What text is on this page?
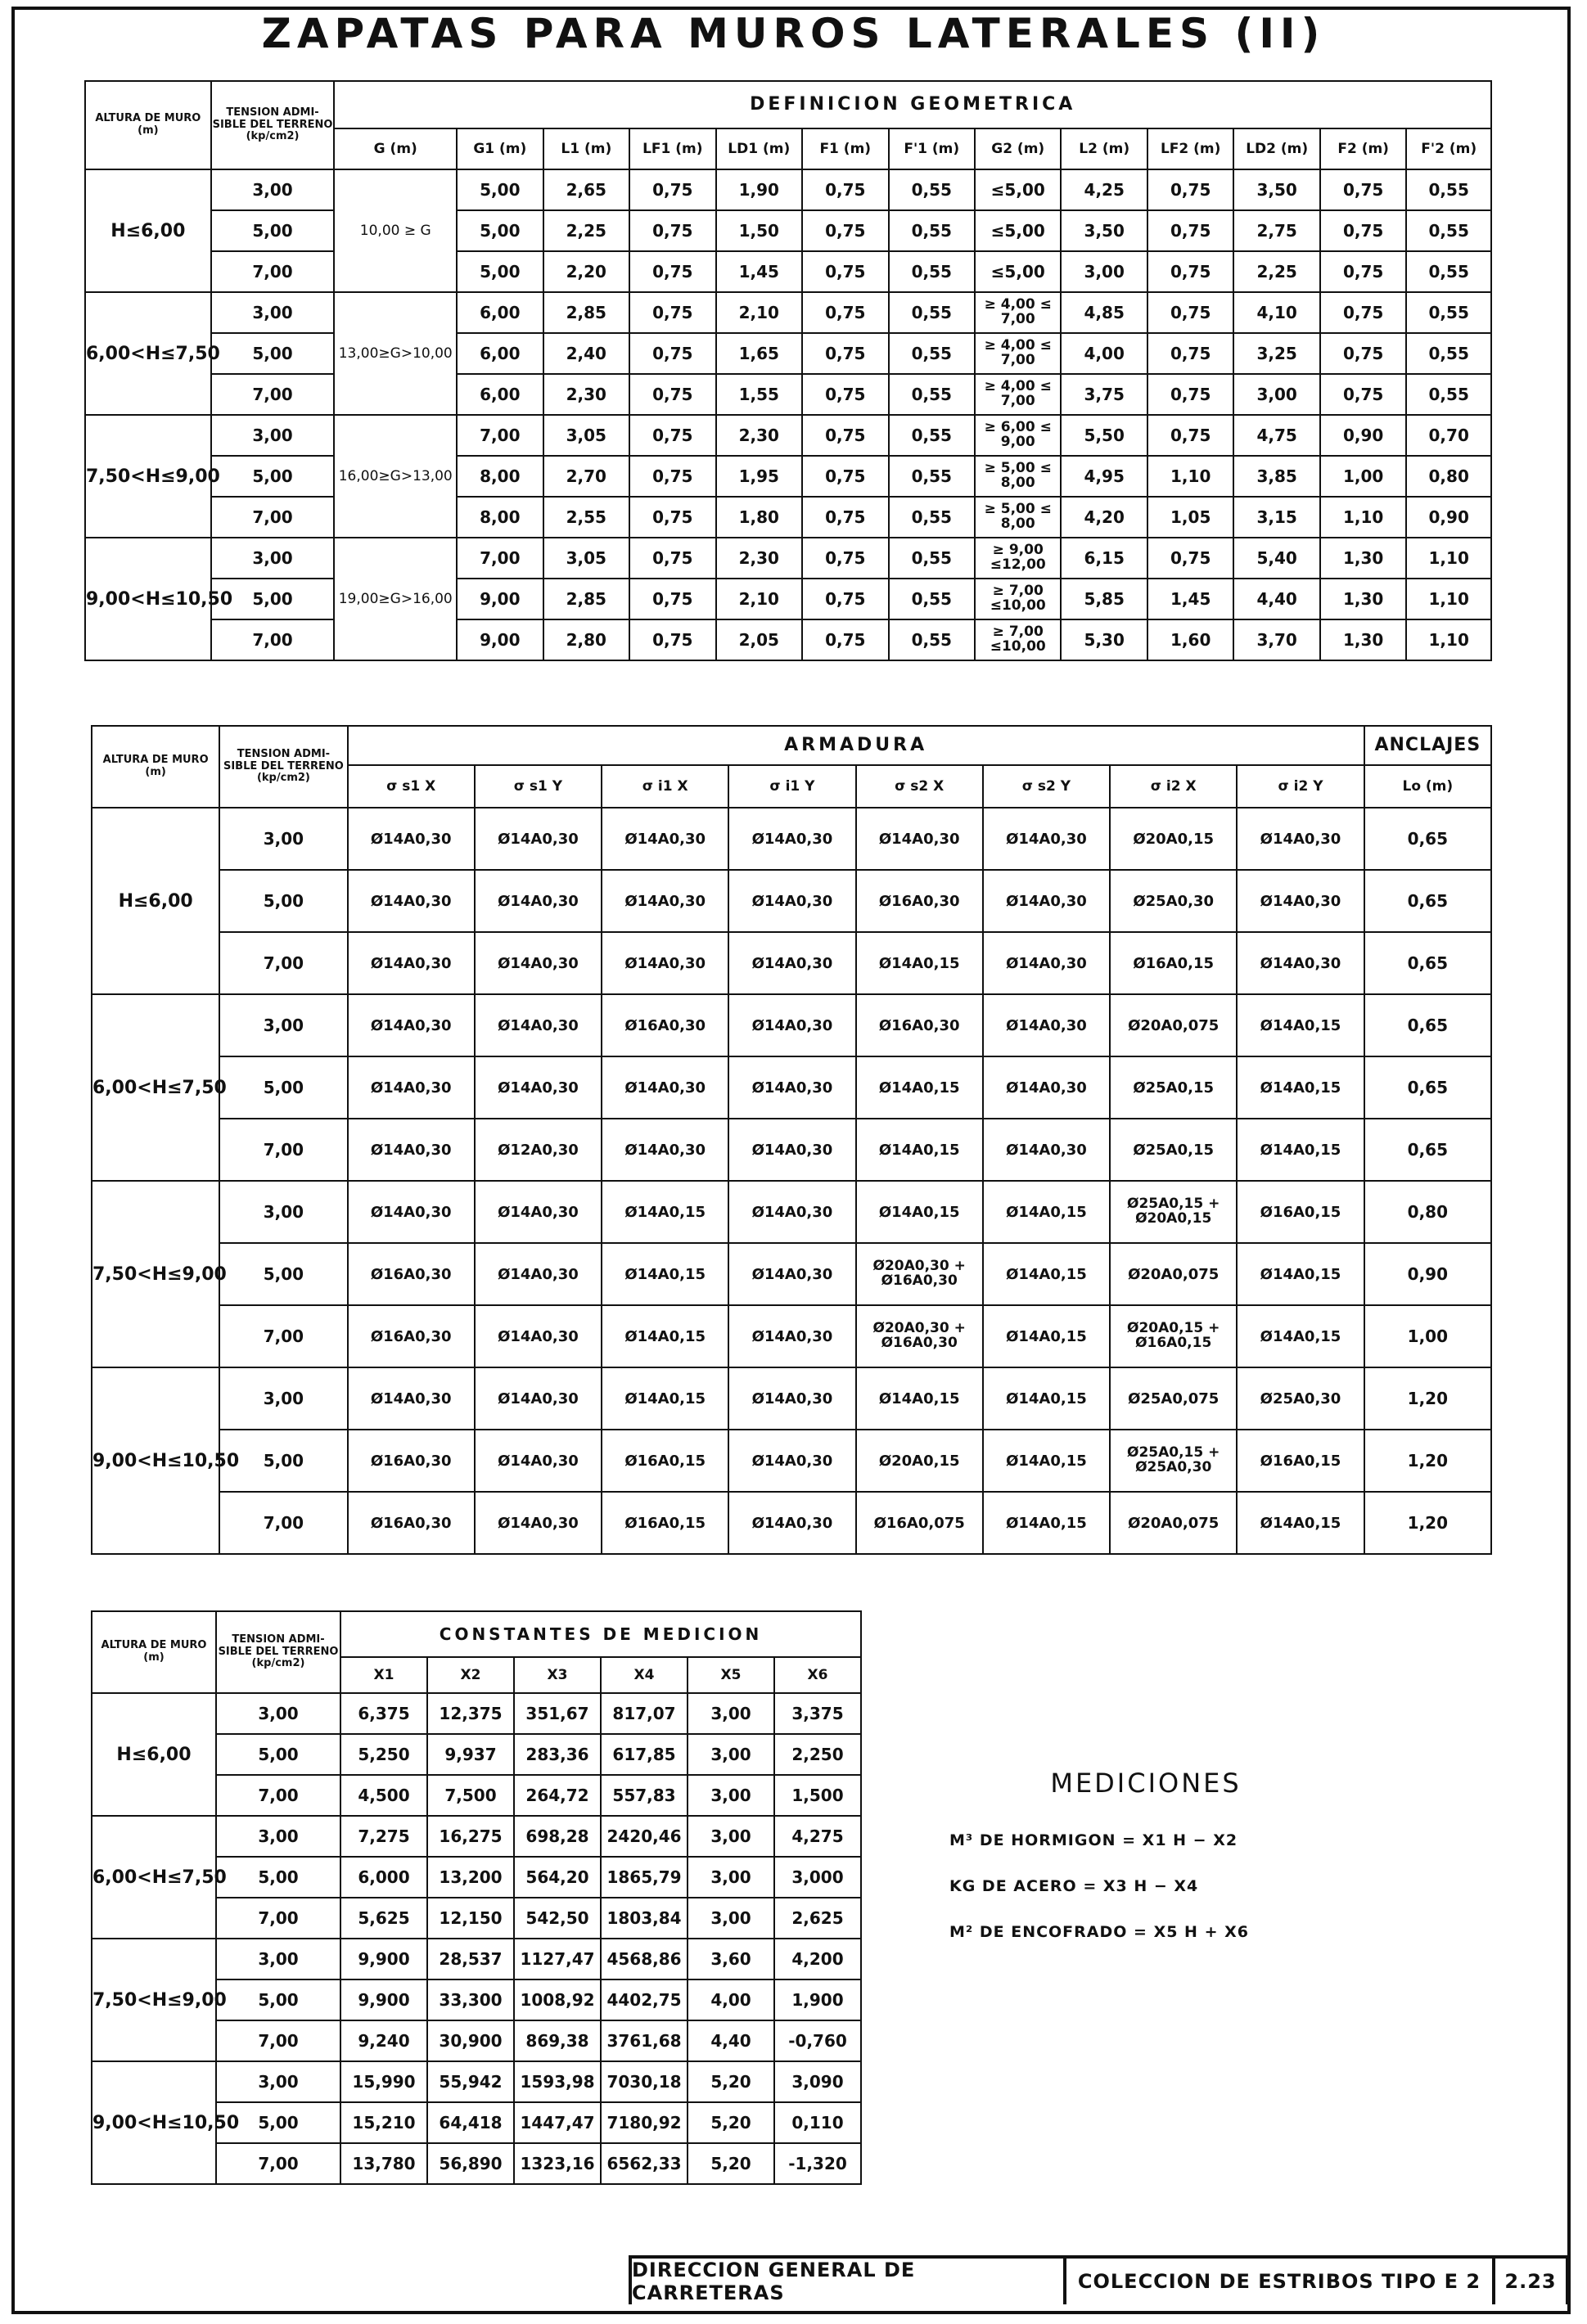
ZAPATAS PARA MUROS LATERALES (II)
ALTURA DE MURO (m)	TENSION ADMI-SIBLE DEL TERRENO (kp/cm2)	DEFINICION GEOMETRICA												
		G (m)	G1 (m)	L1 (m)	LF1 (m)	LD1 (m)	F1 (m)	F'1 (m)	G2 (m)	L2 (m)	LF2 (m)	LD2 (m)	F2 (m)	F'2 (m)
H≤6,00	3,00	10,00 ≥ G	5,00	2,65	0,75	1,90	0,75	0,55	≤5,00	4,25	0,75	3,50	0,75	0,55
	5,00		5,00	2,25	0,75	1,50	0,75	0,55	≤5,00	3,50	0,75	2,75	0,75	0,55
	7,00		5,00	2,20	0,75	1,45	0,75	0,55	≤5,00	3,00	0,75	2,25	0,75	0,55
6,00<H≤7,50	3,00	13,00≥G>10,00	6,00	2,85	0,75	2,10	0,75	0,55	≥ 4,00 ≤ 7,00	4,85	0,75	4,10	0,75	0,55
	5,00		6,00	2,40	0,75	1,65	0,75	0,55	≥ 4,00 ≤ 7,00	4,00	0,75	3,25	0,75	0,55
	7,00		6,00	2,30	0,75	1,55	0,75	0,55	≥ 4,00 ≤ 7,00	3,75	0,75	3,00	0,75	0,55
7,50<H≤9,00	3,00	16,00≥G>13,00	7,00	3,05	0,75	2,30	0,75	0,55	≥ 6,00 ≤ 9,00	5,50	0,75	4,75	0,90	0,70
	5,00		8,00	2,70	0,75	1,95	0,75	0,55	≥ 5,00 ≤ 8,00	4,95	1,10	3,85	1,00	0,80
	7,00		8,00	2,55	0,75	1,80	0,75	0,55	≥ 5,00 ≤ 8,00	4,20	1,05	3,15	1,10	0,90
9,00<H≤10,50	3,00	19,00≥G>16,00	7,00	3,05	0,75	2,30	0,75	0,55	≥ 9,00 ≤12,00	6,15	0,75	5,40	1,30	1,10
	5,00		9,00	2,85	0,75	2,10	0,75	0,55	≥ 7,00 ≤10,00	5,85	1,45	4,40	1,30	1,10
	7,00		9,00	2,80	0,75	2,05	0,75	0,55	≥ 7,00 ≤10,00	5,30	1,60	3,70	1,30	1,10
ALTURA DE MURO (m)	TENSION ADMI-SIBLE DEL TERRENO (kp/cm2)	ARMADURA								ANCLAJES
		σ s1 X	σ s1 Y	σ i1 X	σ i1 Y	σ s2 X	σ s2 Y	σ i2 X	σ i2 Y	Lo (m)
H≤6,00	3,00	Ø14A0,30	Ø14A0,30	Ø14A0,30	Ø14A0,30	Ø14A0,30	Ø14A0,30	Ø20A0,15	Ø14A0,30	0,65
	5,00	Ø14A0,30	Ø14A0,30	Ø14A0,30	Ø14A0,30	Ø16A0,30	Ø14A0,30	Ø25A0,30	Ø14A0,30	0,65
	7,00	Ø14A0,30	Ø14A0,30	Ø14A0,30	Ø14A0,30	Ø14A0,15	Ø14A0,30	Ø16A0,15	Ø14A0,30	0,65
6,00<H≤7,50	3,00	Ø14A0,30	Ø14A0,30	Ø16A0,30	Ø14A0,30	Ø16A0,30	Ø14A0,30	Ø20A0,075	Ø14A0,15	0,65
	5,00	Ø14A0,30	Ø14A0,30	Ø14A0,30	Ø14A0,30	Ø14A0,15	Ø14A0,30	Ø25A0,15	Ø14A0,15	0,65
	7,00	Ø14A0,30	Ø12A0,30	Ø14A0,30	Ø14A0,30	Ø14A0,15	Ø14A0,30	Ø25A0,15	Ø14A0,15	0,65
7,50<H≤9,00	3,00	Ø14A0,30	Ø14A0,30	Ø14A0,15	Ø14A0,30	Ø14A0,15	Ø14A0,15	Ø25A0,15 + Ø20A0,15	Ø16A0,15	0,80
	5,00	Ø16A0,30	Ø14A0,30	Ø14A0,15	Ø14A0,30	Ø20A0,30 + Ø16A0,30	Ø14A0,15	Ø20A0,075	Ø14A0,15	0,90
	7,00	Ø16A0,30	Ø14A0,30	Ø14A0,15	Ø14A0,30	Ø20A0,30 + Ø16A0,30	Ø14A0,15	Ø20A0,15 + Ø16A0,15	Ø14A0,15	1,00
9,00<H≤10,50	3,00	Ø14A0,30	Ø14A0,30	Ø14A0,15	Ø14A0,30	Ø14A0,15	Ø14A0,15	Ø25A0,075	Ø25A0,30	1,20
	5,00	Ø16A0,30	Ø14A0,30	Ø16A0,15	Ø14A0,30	Ø20A0,15	Ø14A0,15	Ø25A0,15 + Ø25A0,30	Ø16A0,15	1,20
	7,00	Ø16A0,30	Ø14A0,30	Ø16A0,15	Ø14A0,30	Ø16A0,075	Ø14A0,15	Ø20A0,075	Ø14A0,15	1,20
ALTURA DE MURO (m)	TENSION ADMI-SIBLE DEL TERRENO (kp/cm2)	CONSTANTES DE MEDICION					
		X1	X2	X3	X4	X5	X6
H≤6,00	3,00	6,375	12,375	351,67	817,07	3,00	3,375
	5,00	5,250	9,937	283,36	617,85	3,00	2,250
	7,00	4,500	7,500	264,72	557,83	3,00	1,500
6,00<H≤7,50	3,00	7,275	16,275	698,28	2420,46	3,00	4,275
	5,00	6,000	13,200	564,20	1865,79	3,00	3,000
	7,00	5,625	12,150	542,50	1803,84	3,00	2,625
7,50<H≤9,00	3,00	9,900	28,537	1127,47	4568,86	3,60	4,200
	5,00	9,900	33,300	1008,92	4402,75	4,00	1,900
	7,00	9,240	30,900	869,38	3761,68	4,40	-0,760
9,00<H≤10,50	3,00	15,990	55,942	1593,98	7030,18	5,20	3,090
	5,00	15,210	64,418	1447,47	7180,92	5,20	0,110
	7,00	13,780	56,890	1323,16	6562,33	5,20	-1,320
MEDICIONES
M³ DE HORMIGON = X1 H − X2
KG DE ACERO = X3 H − X4
M² DE ENCOFRADO = X5 H + X6
DIRECCION GENERAL DE CARRETERAS	COLECCION DE ESTRIBOS TIPO E 2	2.23
